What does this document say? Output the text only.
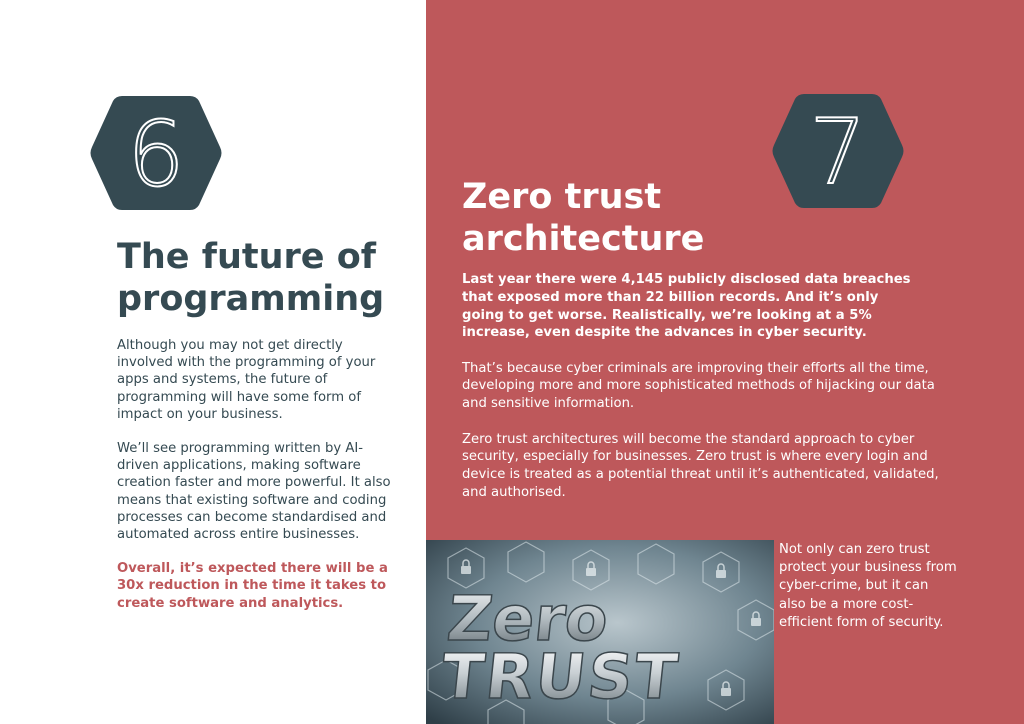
6
The future of programming

Although you may not get directly involved with the programming of your apps and systems, the future of programming will have some form of impact on your business.

We’ll see programming written by AI-driven applications, making software creation faster and more powerful. It also means that existing software and coding processes can become standardised and automated across entire businesses.

Overall, it’s expected there will be a 30x reduction in the time it takes to create software and analytics.

7
Zero trust architecture

Last year there were 4,145 publicly disclosed data breaches that exposed more than 22 billion records. And it’s only going to get worse. Realistically, we’re looking at a 5% increase, even despite the advances in cyber security.

That’s because cyber criminals are improving their efforts all the time, developing more and more sophisticated methods of hijacking our data and sensitive information.

Zero trust architectures will become the standard approach to cyber security, especially for businesses. Zero trust is where every login and device is treated as a potential threat until it’s authenticated, validated, and authorised.

Zero
TRUST

Not only can zero trust protect your business from cyber-crime, but it can also be a more cost-efficient form of security.
